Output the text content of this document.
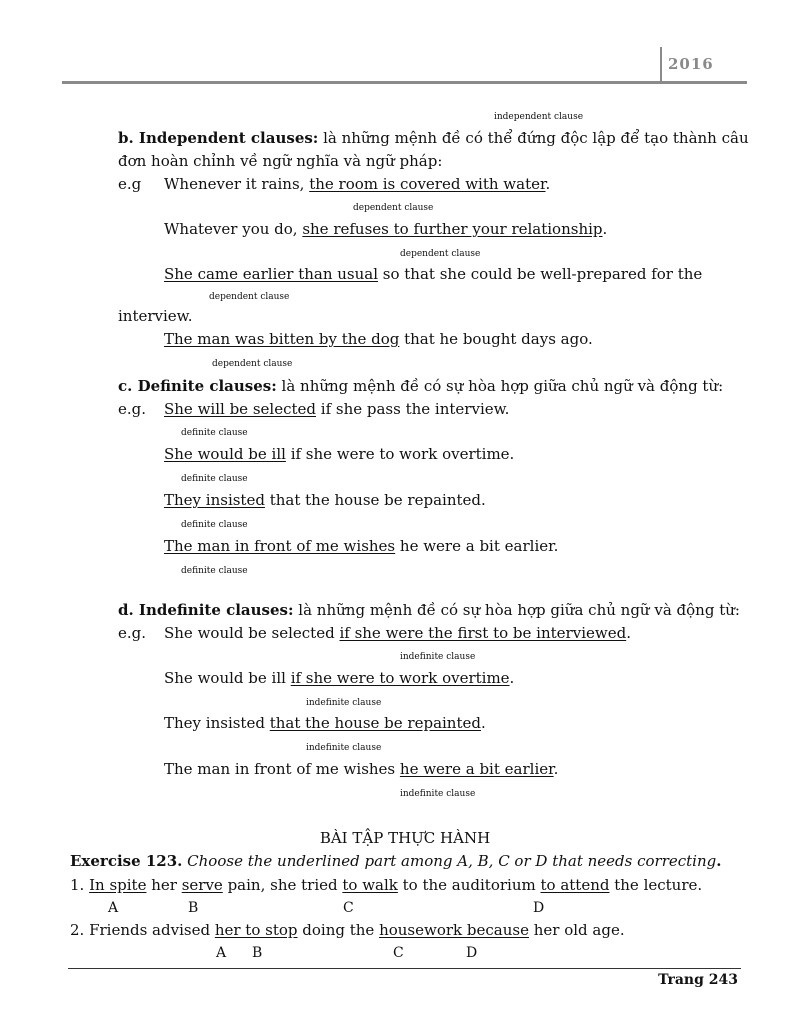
2016
independent clause
b. Independent clauses: là những mệnh đề có thể đứng độc lập để tạo thành câu
đơn hoàn chỉnh về ngữ nghĩa và ngữ pháp:
e.g Whenever it rains, the room is covered with water.
dependent clause
Whatever you do, she refuses to further your relationship.
dependent clause
She came earlier than usual so that she could be well-prepared for the
dependent clause
interview.
The man was bitten by the dog that he bought days ago.
dependent clause
c. Definite clauses: là những mệnh đề có sự hòa hợp giữa chủ ngữ và động từ:
e.g. She will be selected if she pass the interview.
definite clause
She would be ill if she were to work overtime.
definite clause
They insisted that the house be repainted.
definite clause
The man in front of me wishes he were a bit earlier.
definite clause
d. Indefinite clauses: là những mệnh đề có sự hòa hợp giữa chủ ngữ và động từ:
e.g. She would be selected if she were the first to be interviewed.
indefinite clause
She would be ill if she were to work overtime.
indefinite clause
They insisted that the house be repainted.
indefinite clause
The man in front of me wishes he were a bit earlier.
indefinite clause
BÀI TẬP THỰC HÀNH
Exercise 123. Choose the underlined part among A, B, C or D that needs correcting.
1. In spite her serve pain, she tried to walk to the auditorium to attend the lecture.
A	B	C	D
2. Friends advised her to stop doing the housework because her old age.
A B	C	D
Trang 243
